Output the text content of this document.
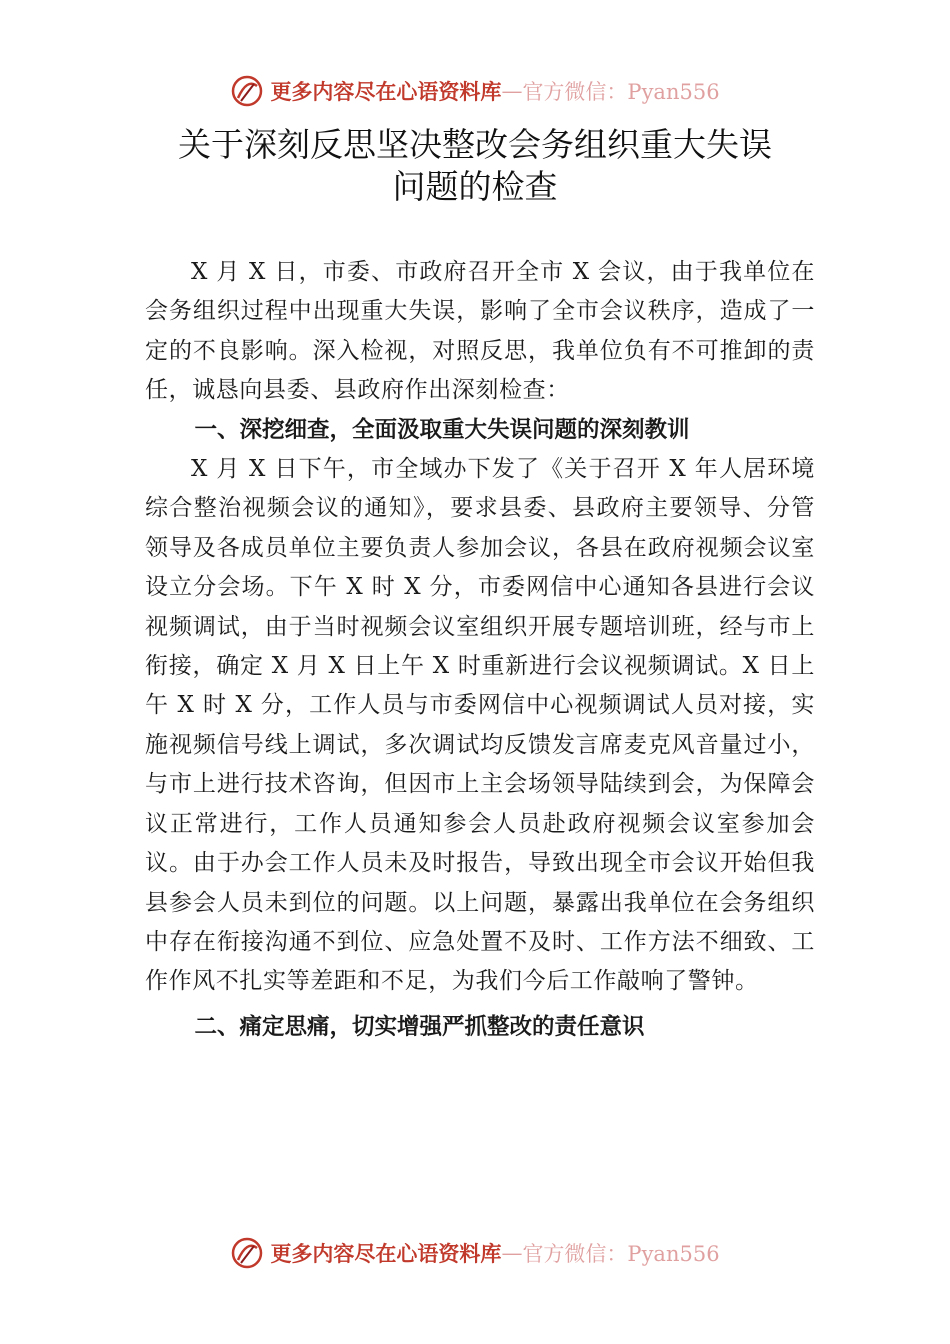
更多内容尽在心语资料库 — 官方微信：Pyan556
关于深刻反思坚决整改会务组织重大失误
问题的检查

X 月 X 日，市委、市政府召开全市 X 会议，由于我单位在会务组织过程中出现重大失误，影响了全市会议秩序，造成了一定的不良影响。深入检视，对照反思，我单位负有不可推卸的责任，诚恳向县委、县政府作出深刻检查：

一、深挖细查，全面汲取重大失误问题的深刻教训

X 月 X 日下午，市全域办下发了《关于召开 X 年人居环境综合整治视频会议的通知》，要求县委、县政府主要领导、分管领导及各成员单位主要负责人参加会议，各县在政府视频会议室设立分会场。下午 X 时 X 分，市委网信中心通知各县进行会议视频调试，由于当时视频会议室组织开展专题培训班，经与市上衔接，确定 X 月 X 日上午 X 时重新进行会议视频调试。X 日上午 X 时 X 分，工作人员与市委网信中心视频调试人员对接，实施视频信号线上调试，多次调试均反馈发言席麦克风音量过小，与市上进行技术咨询，但因市上主会场领导陆续到会，为保障会议正常进行，工作人员通知参会人员赴政府视频会议室参加会议。由于办会工作人员未及时报告，导致出现全市会议开始但我县参会人员未到位的问题。以上问题，暴露出我单位在会务组织中存在衔接沟通不到位、应急处置不及时、工作方法不细致、工作作风不扎实等差距和不足，为我们今后工作敲响了警钟。

二、痛定思痛，切实增强严抓整改的责任意识

更多内容尽在心语资料库 — 官方微信：Pyan556
